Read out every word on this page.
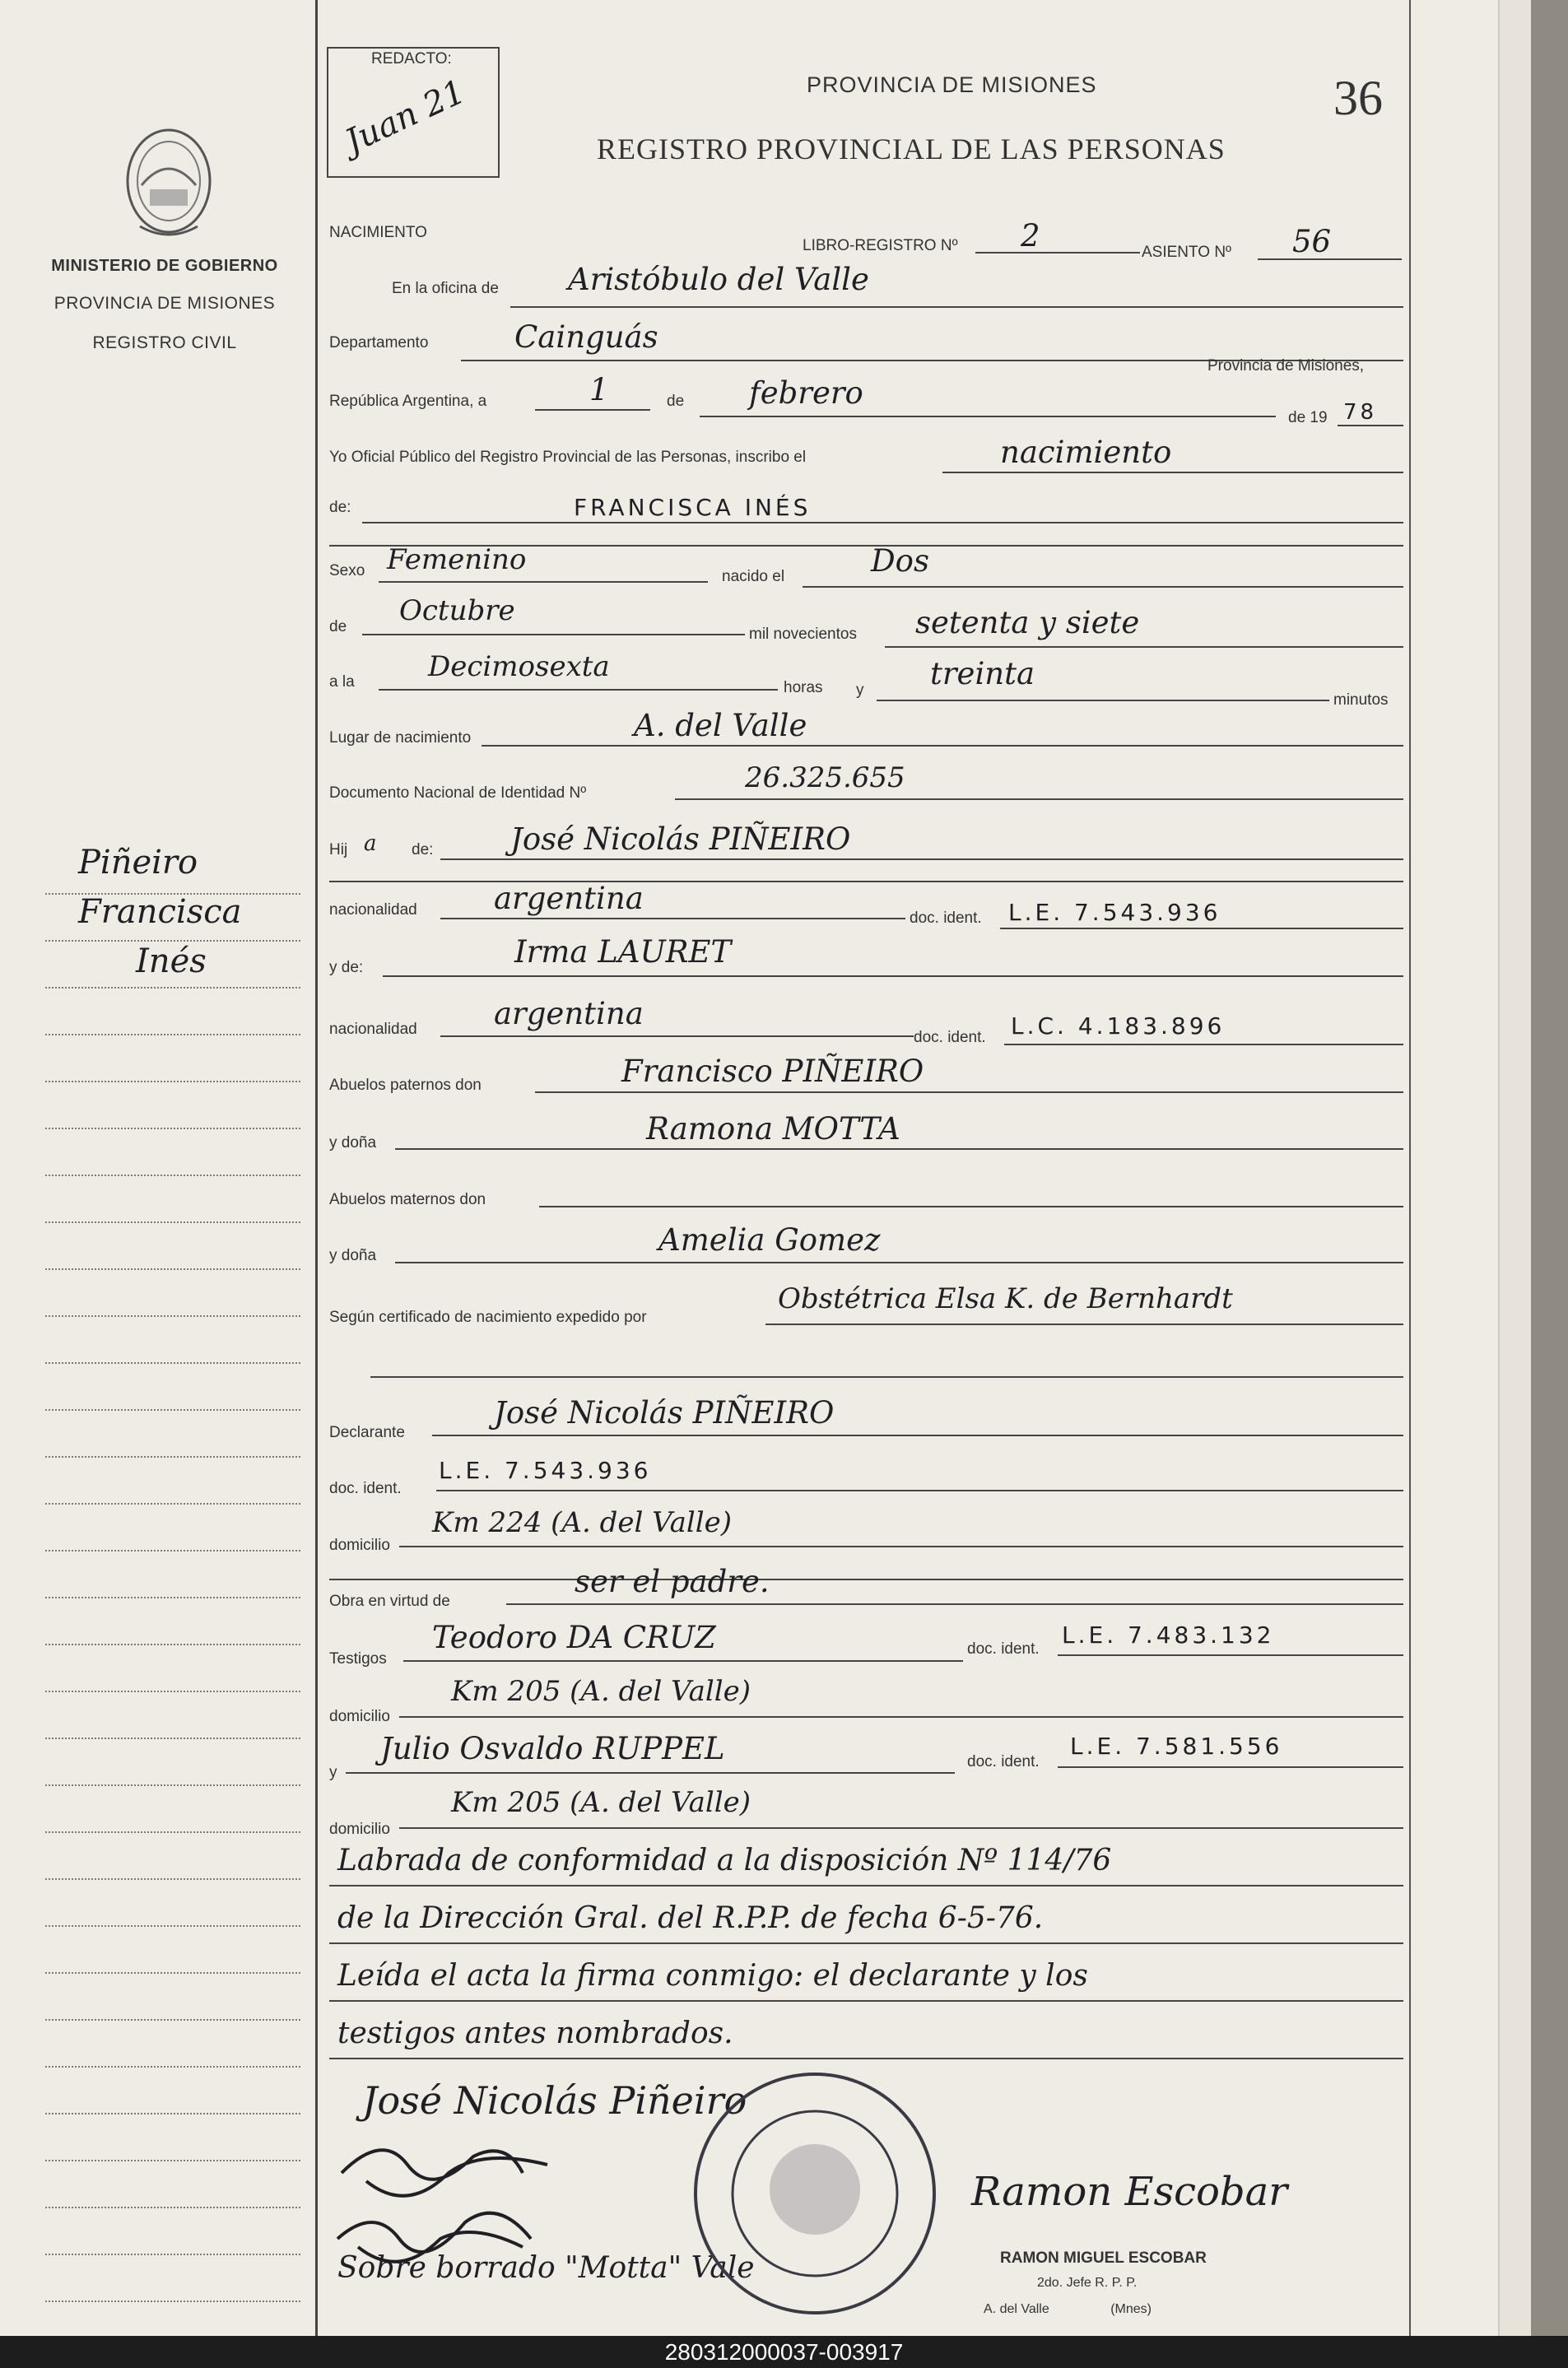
MINISTERIO DE GOBIERNO
PROVINCIA DE MISIONES
REGISTRO CIVIL
REDACTO:
Juan 21	PROVINCIA DE MISIONES
REGISTRO PROVINCIAL DE LAS PERSONAS
36
NACIMIENTO
LIBRO-REGISTRO Nº 2	ASIENTO Nº 56
En la oficina de Aristóbulo del Valle
Departamento	Cainguás
Provincia de Misiones,
República Argentina, a	1	de febrero
de 19 78
Yo Oficial Público del Registro Provincial de las Personas, inscribo el	nacimiento
de:	FRANCISCA INÉS
Sexo Femenino
nacido el	Dos
de Octubre
mil novecientos setenta y siete
a la	Decimosexta
horas y treinta
minutos
Lugar de nacimiento	A. del Valle
Documento Nacional de Identidad Nº	26.325.655
Hij a de:	José Nicolás PIÑEIRO
nacionalidad	argentina
doc. ident. L.E. 7.543.936
y de:	Irma LAURET
nacionalidad	argentina
doc. ident. L.C. 4.183.896
Abuelos paternos don	Francisco PIÑEIRO
y doña	Ramona MOTTA
Abuelos maternos don
y doña	Amelia Gomez
Según certificado de nacimiento expedido por
Obstétrica Elsa K. de Bernhardt
Declarante
José Nicolás PIÑEIRO
doc. ident.
L.E. 7.543.936
domicilio
Km 224 (A. del Valle)
Obra en virtud de
ser el padre.
Testigos
Teodoro DA CRUZ	doc. ident.
L.E. 7.483.132
domicilio
Km 205 (A. del Valle)
y
Julio Osvaldo RUPPEL	doc. ident.
L.E. 7.581.556
domicilio
Km 205 (A. del Valle)
Labrada de conformidad a la disposición Nº 114/76
de la Dirección Gral. del R.P.P. de fecha 6-5-76.
Leída el acta la firma conmigo: el declarante y los
testigos antes nombrados.
José Nicolás Piñeiro
Sobre borrado "Motta" Vale
Ramon Escobar
RAMON MIGUEL ESCOBAR
2do. Jefe R. P. P.
A. del Valle	(Mnes)
Piñeiro
Francisca
Inés
280312000037-003917
